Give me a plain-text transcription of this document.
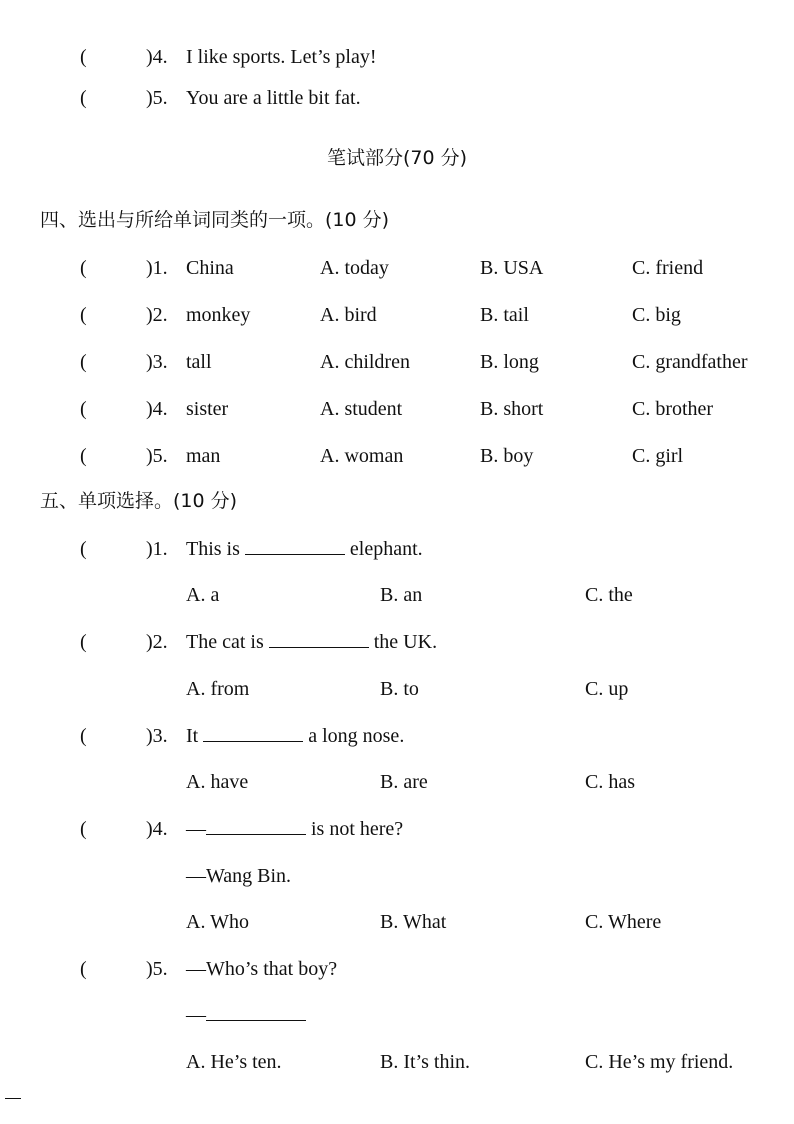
(	)4. I like sports. Let’s play!
(	)5. You are a little bit fat.
笔试部分(70 分)
四、选出与所给单词同类的一项。(10 分)
(	)1. China	A. today	B. USA	C. friend
(	)2. monkey	A. bird	B. tail	C. big
(	)3. tall	A. children	B. long	C. grandfather
(	)4. sister	A. student	B. short	C. brother
(	)5. man	A. woman	B. boy	C. girl
五、单项选择。(10 分)
(	)1. This is	elephant.
A. a	B. an	C. the
(	)2. The cat is	the UK.
A. from	B. to	C. up
(	)3. It	a long nose.
A. have	B. are	C. has
(	)4. —	is not here?
—Wang Bin.
A. Who	B. What	C. Where
(	)5. —Who’s that boy?
—
A. He’s ten.	B. It’s thin.	C. He’s my friend.
